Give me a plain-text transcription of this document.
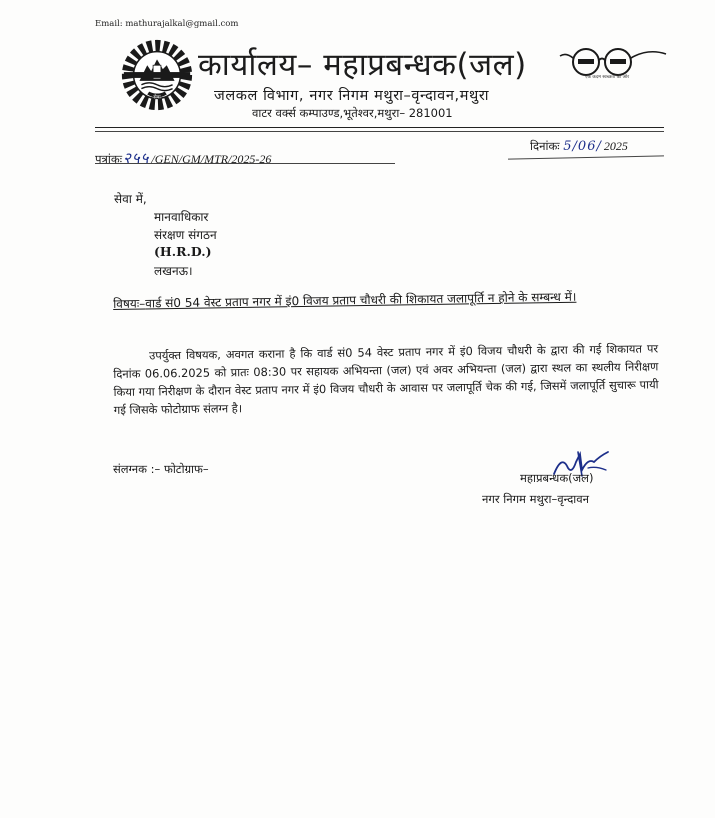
Email: mathurajalkal@gmail.com
सेवा
कार्यालय– महाप्रबन्धक(जल)
जलकल विभाग, नगर निगम मथुरा–वृन्दावन,मथुरा
वाटर वर्क्स कम्पाउण्ड,भूतेश्वर,मथुरा– 281001
एक कदम स्वच्छता की ओर
पत्रांकः२५५ /GEN/GM/MTR/2025-26
दिनांकः 5/06/ 2025
सेवा में,
मानवाधिकार
संरक्षण संगठन
(H.R.D.)
लखनऊ।
विषयः–वार्ड सं0 54 वेस्ट प्रताप नगर में इं0 विजय प्रताप चौधरी की शिकायत जलापूर्ति न होने के सम्बन्ध में।
उपर्युक्त विषयक, अवगत कराना है कि वार्ड सं0 54 वेस्ट प्रताप नगर में इं0 विजय चौधरी के द्वारा की गई शिकायत पर दिनांक 06.06.2025 को प्रातः 08:30 पर सहायक अभियन्ता (जल) एवं अवर अभियन्ता (जल) द्वारा स्थल का स्थलीय निरीक्षण किया गया निरीक्षण के दौरान वेस्ट प्रताप नगर में इं0 विजय चौधरी के आवास पर जलापूर्ति चेक की गई, जिसमें जलापूर्ति सुचारू पायी गई जिसके फोटोग्राफ संलग्न है।
संलग्नक :– फोटोग्राफ–
महाप्रबन्धक(जल)
नगर निगम मथुरा–वृन्दावन
